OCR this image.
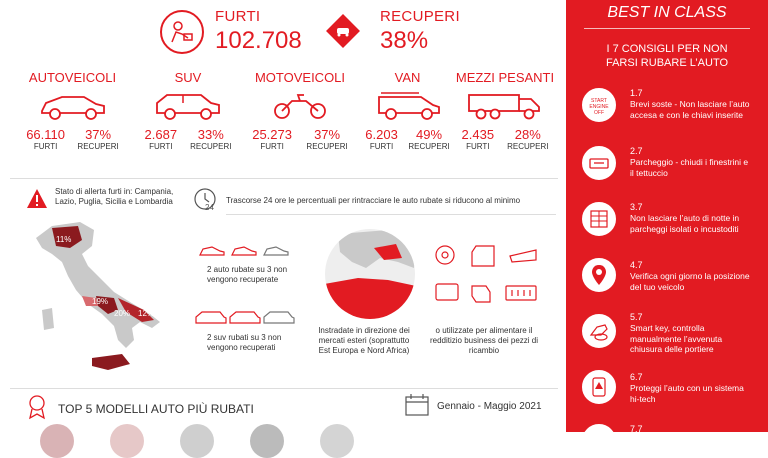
FURTI
102.708
RECUPERI
38%
AUTOVEICOLI
66.110
FURTI
37%
RECUPERI
SUV
2.687
FURTI
33%
RECUPERI
MOTOVEICOLI
25.273
FURTI
37%
RECUPERI
VAN
6.203
FURTI
49%
RECUPERI
MEZZI PESANTI
2.435
FURTI
28%
RECUPERI
Stato di allerta furti in: Campania, Lazio, Puglia, Sicilia e Lombardia
24
Trascorse 24 ore le percentuali per rintracciare le auto rubate si riducono al minimo
11%
19%
20% 12%
11
2 auto rubate su 3 non vengono recuperate
2 suv rubati su 3 non vengono recuperati
Instradate in direzione dei mercati esteri (soprattutto Est Europa e Nord Africa)
o utilizzate per alimentare il redditizio business dei pezzi di ricambio
TOP 5 MODELLI AUTO PIÙ RUBATI	Gennaio - Maggio 2021
BEST IN CLASS
I 7 CONSIGLI PER NON FARSI RUBARE L’AUTO
START ENGINE OFF
1.7
Brevi soste - Non lasciare l’auto accesa e con le chiavi inserite
2.7
Parcheggio - chiudi i finestrini e il tettuccio
3.7
Non lasciare l’auto di notte in parcheggi isolati o incustoditi
4.7
Verifica ogni giorno la posizione del tuo veicolo
5.7
Smart key, controlla manualmente l’avvenuta chiusura delle portiere
6.7
Proteggi l’auto con un sistema hi-tech
7.7
